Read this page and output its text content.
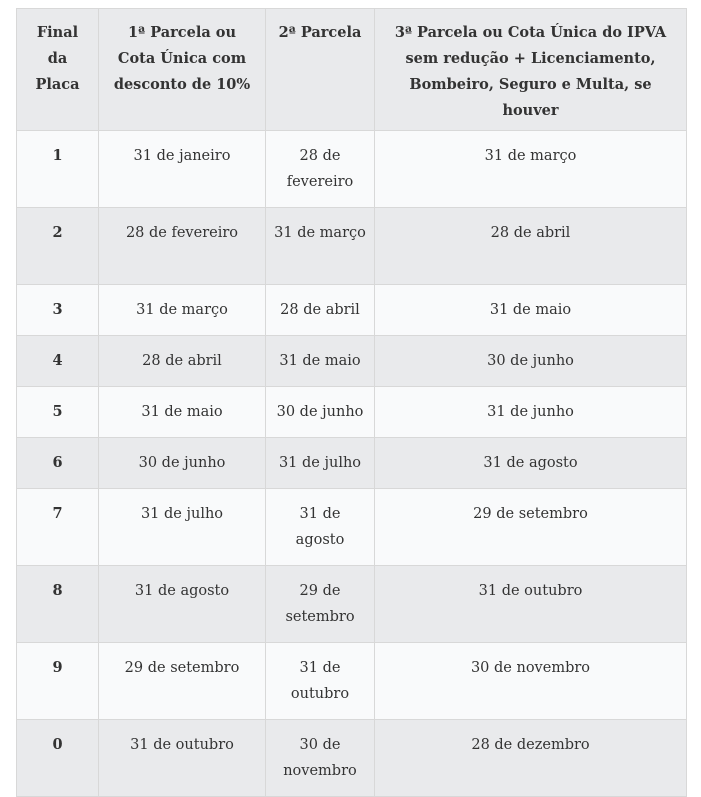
Final da Placa	1ª Parcela ou Cota Única com desconto de 10%	2ª Parcela	3ª Parcela ou Cota Única do IPVA sem redução + Licenciamento, Bombeiro, Seguro e Multa, se houver
1	31 de janeiro	28 de fevereiro	31 de março
2	28 de fevereiro	31 de março	28 de abril
3	31 de março	28 de abril	31 de maio
4	28 de abril	31 de maio	30 de junho
5	31 de maio	30 de junho	31 de junho
6	30 de junho	31 de julho	31 de agosto
7	31 de julho	31 de agosto	29 de setembro
8	31 de agosto	29 de setembro	31 de outubro
9	29 de setembro	31 de outubro	30 de novembro
0	31 de outubro	30 de novembro	28 de dezembro
